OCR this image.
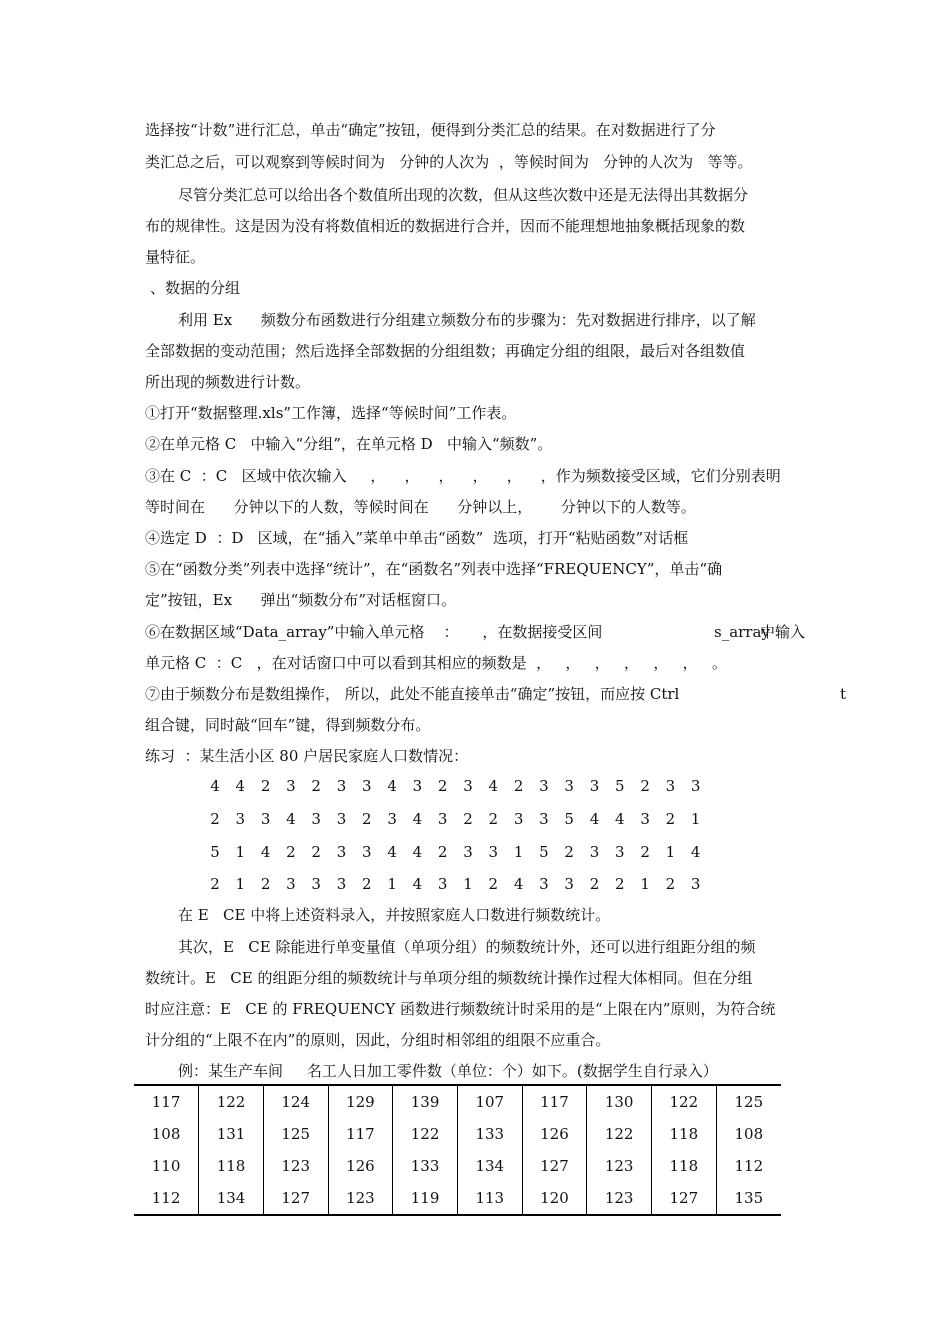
选择按“计数”进行汇总，单击“确定”按钮，便得到分类汇总的结果。在对数据进行了分

类汇总之后，可以观察到等候时间为   分钟的人次为  ，等候时间为   分钟的人次为   等等。

尽管分类汇总可以给出各个数值所出现的次数，但从这些次数中还是无法得出其数据分

布的规律性。这是因为没有将数值相近的数据进行合并，因而不能理想地抽象概括现象的数

量特征。

、数据的分组

利用 Ex      频数分布函数进行分组建立频数分布的步骤为：先对数据进行排序，以了解

全部数据的变动范围；然后选择全部数据的分组组数；再确定分组的组限，最后对各组数值

所出现的频数进行计数。

①打开“数据整理.xls”工作簿，选择“等候时间”工作表。

②在单元格 C   中输入“分组”，在单元格 D   中输入“频数”。

③在 C  ：C   区域中依次输入     ，    ，    ，    ，    ，    ，作为频数接受区域，它们分别表明

等时间在      分钟以下的人数，等候时间在      分钟以上，      分钟以下的人数等。

④选定 D  ：D   区域，在“插入”菜单中单击“函数”  选项，打开“粘贴函数”对话框

⑤在“函数分类”列表中选择“统计”，在“函数名”列表中选择“FREQUENCY”，单击“确

定”按钮，Ex      弹出“频数分布”对话框窗口。

⑥在数据区域“Data_array”中输入单元格    ：     ，在数据接受区间	s_array
中输入

单元格 C  ：C   ，在对话窗口中可以看到其相应的频数是  ，   ，   ，   ，   ，   ，   。

⑦由于频数分布是数组操作， 所以，此处不能直接单击“确定”按钮，而应按 Ctrl	t

组合键，同时敲“回车”键，得到频数分布。

练习  ：某生活小区 80 户居民家庭人口数情况：

4	4	2	3	2	3	3	4	3	2	3	4	2	3	3	3	5	2	3	3
2	3	3	4	3	3	2	3	4	3	2	2	3	3	5	4	4	3	2	1
5	1	4	2	2	3	3	4	4	2	3	3	1	5	2	3	3	2	1	4
2	1	2	3	3	3	2	1	4	3	1	2	4	3	3	2	2	1	2	3

在 E   CE 中将上述资料录入，并按照家庭人口数进行频数统计。

其次，E   CE 除能进行单变量值（单项分组）的频数统计外，还可以进行组距分组的频

数统计。E   CE 的组距分组的频数统计与单项分组的频数统计操作过程大体相同。但在分组

时应注意：E   CE 的 FREQUENCY 函数进行频数统计时采用的是“上限在内”原则，为符合统

计分组的“上限不在内”的原则，因此，分组时相邻组的组限不应重合。

例：某生产车间     名工人日加工零件数（单位：个）如下。(数据学生自行录入）

117	122	124	129	139	107	117	130	122	125
108	131	125	117	122	133	126	122	118	108
110	118	123	126	133	134	127	123	118	112
112	134	127	123	119	113	120	123	127	135
